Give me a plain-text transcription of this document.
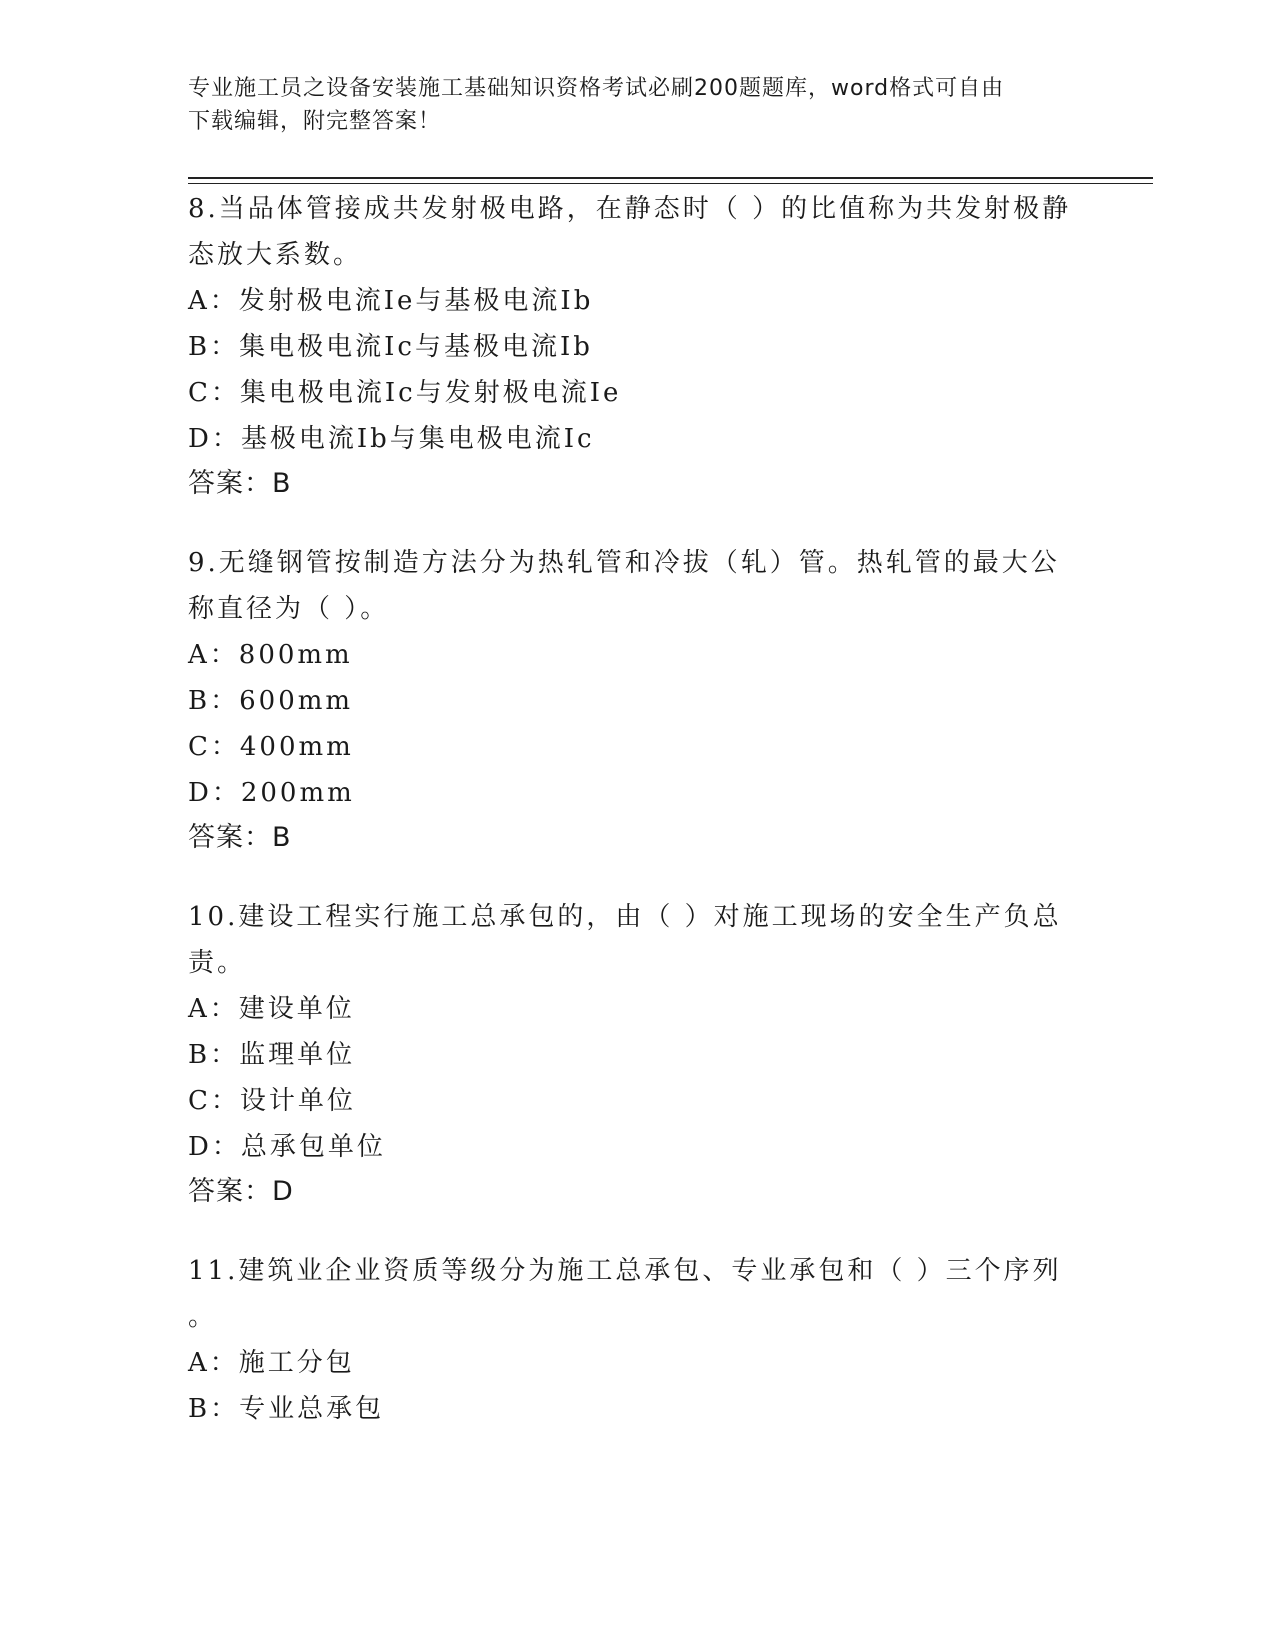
专业施工员之设备安装施工基础知识资格考试必刷200题题库，word格式可自由
下载编辑，附完整答案！
8.当品体管接成共发射极电路，在静态时（ ）的比值称为共发射极静
态放大系数。
A：发射极电流Ie与基极电流Ib
B：集电极电流Ic与基极电流Ib
C：集电极电流Ic与发射极电流Ie
D：基极电流Ib与集电极电流Ic
答案：B
9.无缝钢管按制造方法分为热轧管和冷拔（轧）管。热轧管的最大公
称直径为（ ）。
A：800mm
B：600mm
C：400mm
D：200mm
答案：B
10.建设工程实行施工总承包的，由（ ）对施工现场的安全生产负总
责。
A：建设单位
B：监理单位
C：设计单位
D：总承包单位
答案：D
11.建筑业企业资质等级分为施工总承包、专业承包和（ ）三个序列
。
A：施工分包
B：专业总承包
